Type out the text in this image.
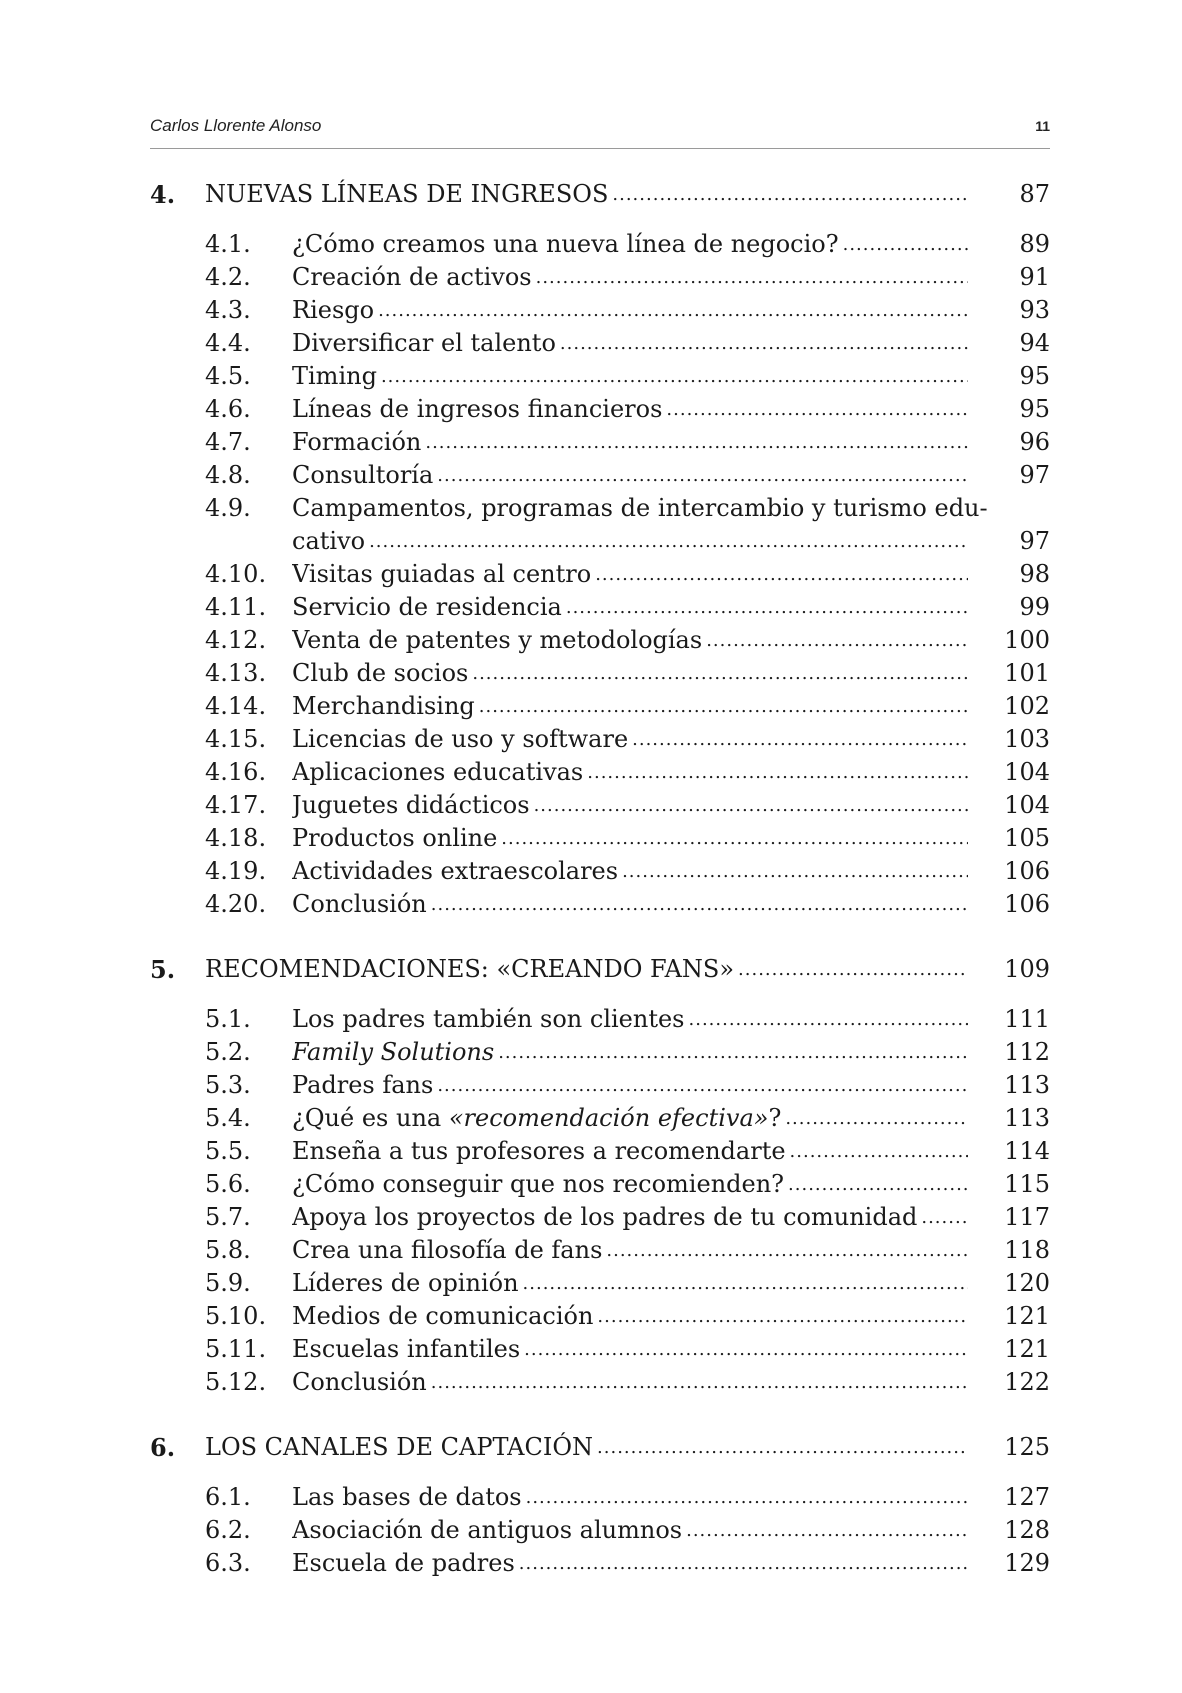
Carlos Llorente Alonso	11
4. NUEVAS LÍNEAS DE INGRESOS .....	87
4.1. ¿Cómo creamos una nueva línea de negocio? .....	89
4.2. Creación de activos .....	91
4.3. Riesgo .....	93
4.4. Diversificar el talento .....	94
4.5. Timing .....	95
4.6. Líneas de ingresos financieros .....	95
4.7. Formación .....	96
4.8. Consultoría .....	97
4.9. Campamentos, programas de intercambio y turismo edu-
cativo .....	97
4.10. Visitas guiadas al centro .....	98
4.11. Servicio de residencia .....	99
4.12. Venta de patentes y metodologías .....	100
4.13. Club de socios .....	101
4.14. Merchandising .....	102
4.15. Licencias de uso y software .....	103
4.16. Aplicaciones educativas .....	104
4.17. Juguetes didácticos .....	104
4.18. Productos online .....	105
4.19. Actividades extraescolares .....	106
4.20. Conclusión .....	106
5. RECOMENDACIONES: «CREANDO FANS» .....	109
5.1. Los padres también son clientes .....	111
5.2. Family Solutions .....	112
5.3. Padres fans .....	113
5.4. ¿Qué es una «recomendación efectiva»? .....	113
5.5. Enseña a tus profesores a recomendarte .....	114
5.6. ¿Cómo conseguir que nos recomienden? .....	115
5.7. Apoya los proyectos de los padres de tu comunidad .....	117
5.8. Crea una filosofía de fans .....	118
5.9. Líderes de opinión .....	120
5.10. Medios de comunicación .....	121
5.11. Escuelas infantiles .....	121
5.12. Conclusión .....	122
6. LOS CANALES DE CAPTACIÓN .....	125
6.1. Las bases de datos .....	127
6.2. Asociación de antiguos alumnos .....	128
6.3. Escuela de padres .....	129
